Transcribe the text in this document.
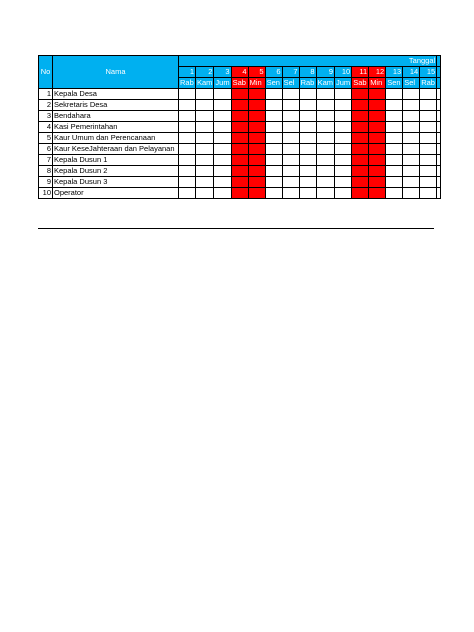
No	Nama	Tanggal															
		1	2	3	4	5	6	7	8	9	10	11	12	13	14	15	
		Rab	Kam	Jum	Sab	Min	Sen	Sel	Rab	Kam	Jum	Sab	Min	Sen	Sel	Rab	
1	Kepala Desa																
2	Sekretaris Desa																
3	Bendahara																
4	Kasi Pemerintahan																
5	Kaur Umum dan Perencanaan																
6	Kaur KeseJahteraan dan Pelayanan																
7	Kepala Dusun 1																
8	Kepala Dusun 2																
9	Kepala Dusun 3																
10	Operator																
